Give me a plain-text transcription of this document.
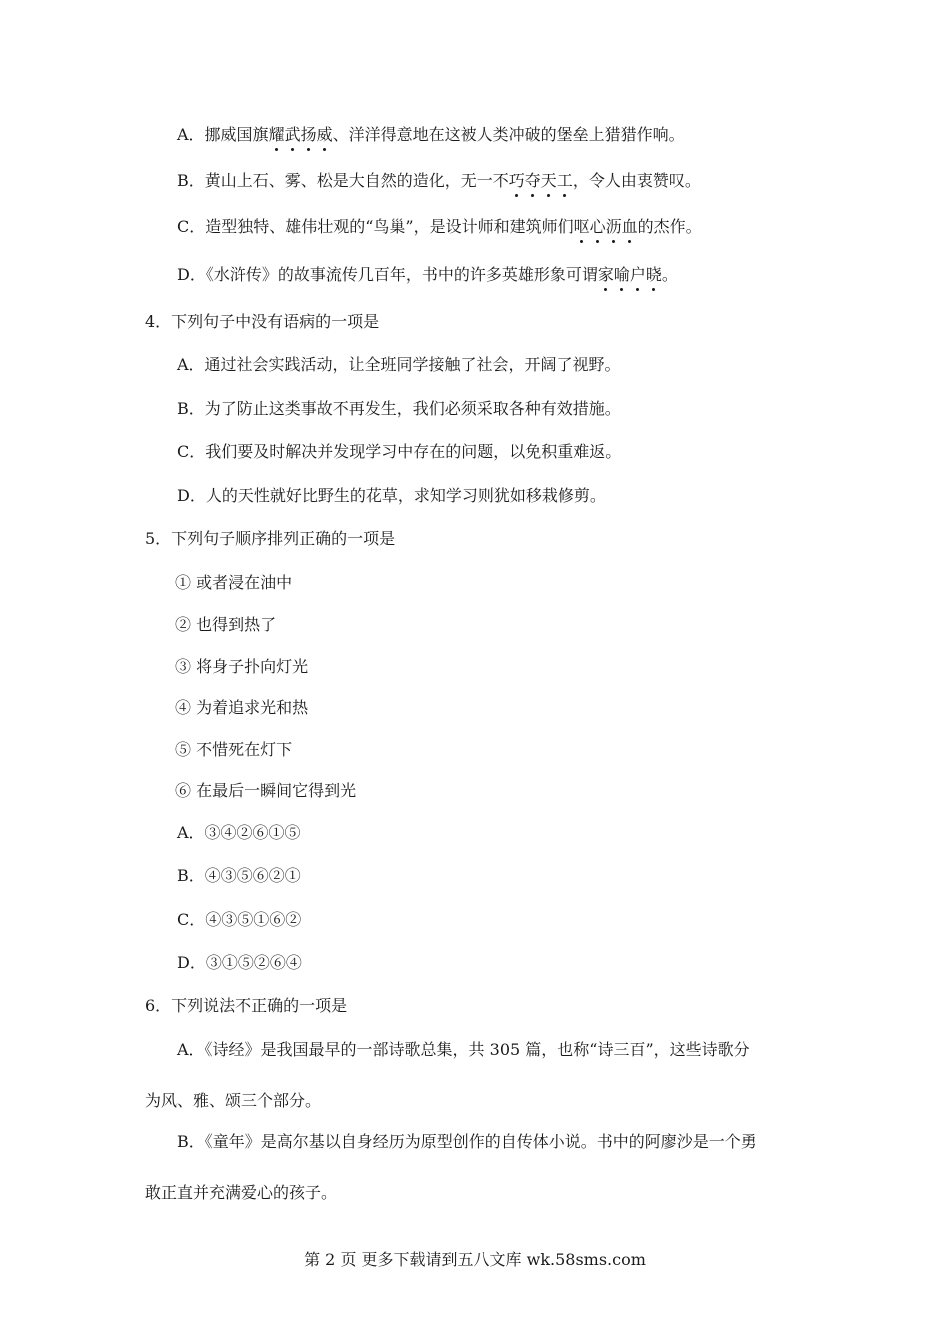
A．挪威国旗耀武扬威、洋洋得意地在这被人类冲破的堡垒上猎猎作响。
B．黄山上石、雾、松是大自然的造化，无一不巧夺天工，令人由衷赞叹。
C．造型独特、雄伟壮观的“鸟巢”，是设计师和建筑师们呕心沥血的杰作。
D．《水浒传》的故事流传几百年，书中的许多英雄形象可谓家喻户晓。
4．下列句子中没有语病的一项是
A．通过社会实践活动，让全班同学接触了社会，开阔了视野。
B．为了防止这类事故不再发生，我们必须采取各种有效措施。
C．我们要及时解决并发现学习中存在的问题，以免积重难返。
D．人的天性就好比野生的花草，求知学习则犹如移栽修剪。
5．下列句子顺序排列正确的一项是
① 或者浸在油中
② 也得到热了
③ 将身子扑向灯光
④ 为着追求光和热
⑤ 不惜死在灯下
⑥ 在最后一瞬间它得到光
A．③④②⑥①⑤
B．④③⑤⑥②①
C．④③⑤①⑥②
D．③①⑤②⑥④
6．下列说法不正确的一项是
A．《诗经》是我国最早的一部诗歌总集，共 305 篇，也称“诗三百”，这些诗歌分
为风、雅、颂三个部分。
B．《童年》是高尔基以自身经历为原型创作的自传体小说。书中的阿廖沙是一个勇
敢正直并充满爱心的孩子。
第 2 页 更多下载请到五八文库 wk.58sms.com
